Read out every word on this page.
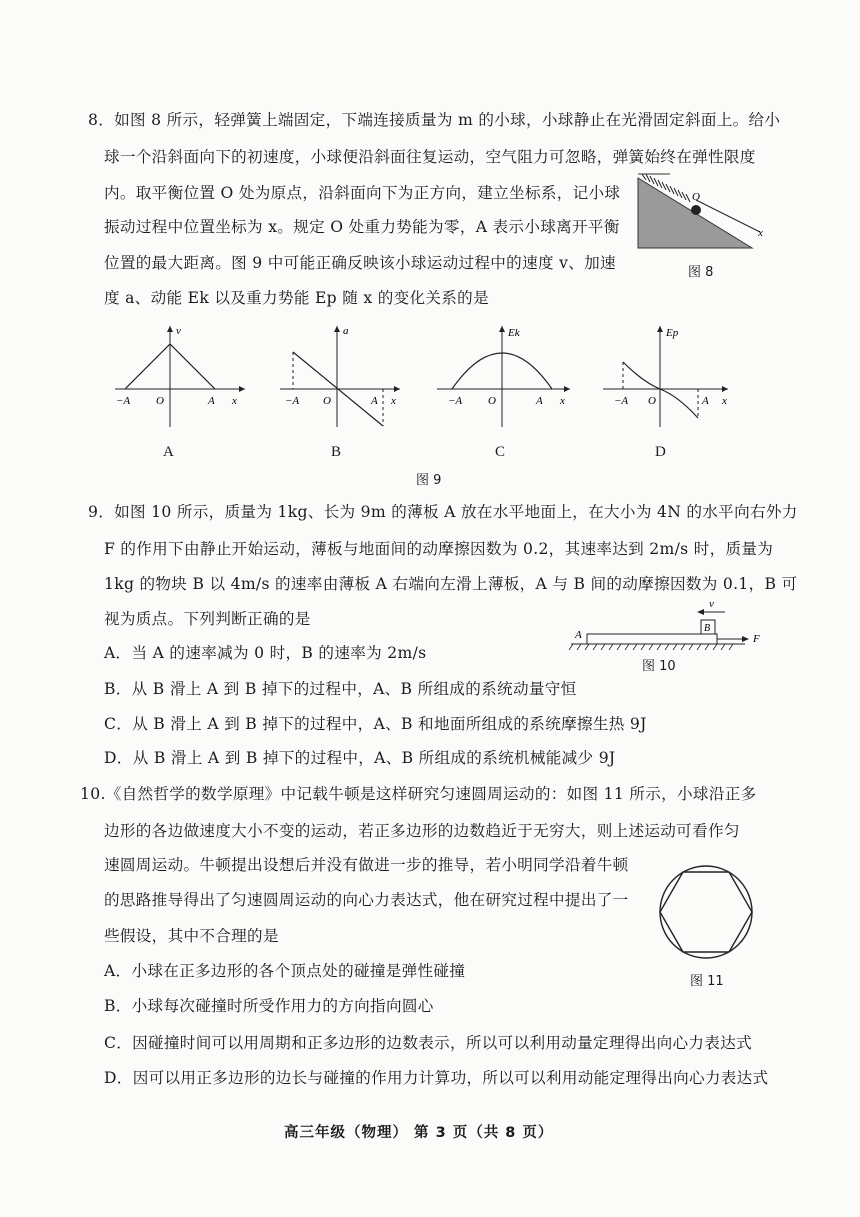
8．如图 8 所示，轻弹簧上端固定，下端连接质量为 m 的小球，小球静止在光滑固定斜面上。给小
球一个沿斜面向下的初速度，小球便沿斜面往复运动，空气阻力可忽略，弹簧始终在弹性限度
内。取平衡位置 O 处为原点，沿斜面向下为正方向，建立坐标系，记小球
振动过程中位置坐标为 x。规定 O 处重力势能为零，A 表示小球离开平衡
位置的最大距离。图 9 中可能正确反映该小球运动过程中的速度 v、加速
度 a、动能 Ek 以及重力势能 Ep 随 x 的变化关系的是
O
x
图 8
v
−A O	A x
A
a
−A O	A x
B
Ek
−A O	A x
C
Ep
−A O	A x
D
图 9
9．如图 10 所示，质量为 1kg、长为 9m 的薄板 A 放在水平地面上，在大小为 4N 的水平向右外力
F 的作用下由静止开始运动，薄板与地面间的动摩擦因数为 0.2，其速率达到 2m/s 时，质量为
1kg 的物块 B 以 4m/s 的速率由薄板 A 右端向左滑上薄板，A 与 B 间的动摩擦因数为 0.1，B 可
视为质点。下列判断正确的是
A．当 A 的速率减为 0 时，B 的速率为 2m/s
B．从 B 滑上 A 到 B 掉下的过程中，A、B 所组成的系统动量守恒
C．从 B 滑上 A 到 B 掉下的过程中，A、B 和地面所组成的系统摩擦生热 9J
D．从 B 滑上 A 到 B 掉下的过程中，A、B 所组成的系统机械能减少 9J
A
B
v
F
图 10
10.《自然哲学的数学原理》中记载牛顿是这样研究匀速圆周运动的：如图 11 所示，小球沿正多
边形的各边做速度大小不变的运动，若正多边形的边数趋近于无穷大，则上述运动可看作匀
速圆周运动。牛顿提出设想后并没有做进一步的推导，若小明同学沿着牛顿
的思路推导得出了匀速圆周运动的向心力表达式，他在研究过程中提出了一
些假设，其中不合理的是
A．小球在正多边形的各个顶点处的碰撞是弹性碰撞
B．小球每次碰撞时所受作用力的方向指向圆心
C．因碰撞时间可以用周期和正多边形的边数表示，所以可以利用动量定理得出向心力表达式
D．因可以用正多边形的边长与碰撞的作用力计算功，所以可以利用动能定理得出向心力表达式
图 11
高三年级（物理） 第 3 页（共 8 页）
